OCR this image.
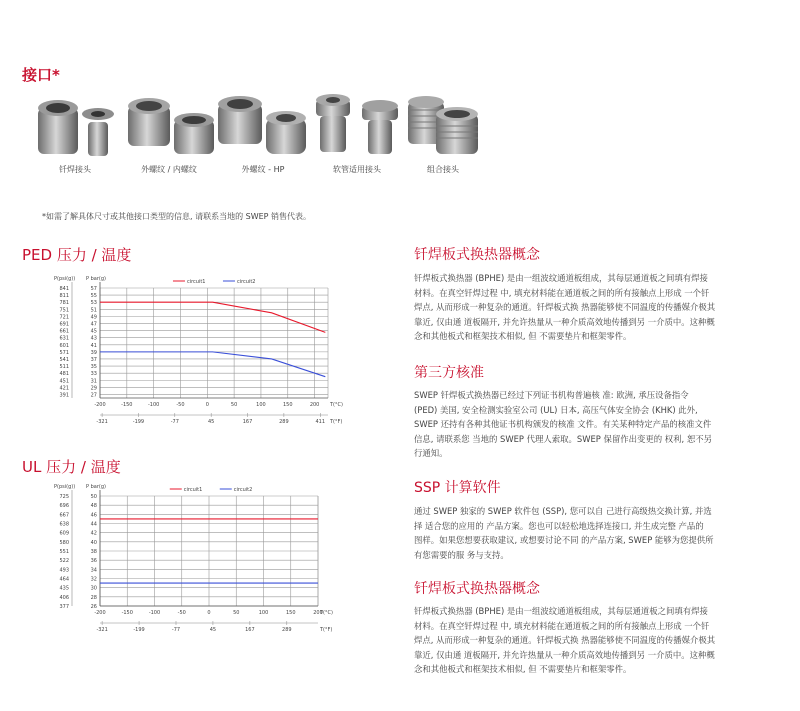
接口*
钎焊接头	外螺纹 / 内螺纹	外螺纹 - HP	软管适用接头	组合接头
*如需了解具体尺寸或其他接口类型的信息, 请联系当地的 SWEP 销售代表。
PED 压力 / 温度
27
29
31
33
35
37
39
41
43
45
47
49
51
53
55
57
391
421
451
481
511
541
571
601
631
661
691
721
751
781
811
841
P(psi(g)) P bar(g)
-200	-150	-100	-50	0	50	100	150	200 T(°C)
-321	-199	-77	45	167	289	411 T(°F)
circuit1	circuit2
UL 压力 / 温度
26
28
30
32
34
36
38
40
42
44
46
48
50
377
406
435
464
493
522
551
580
609
638
667
696
725
P(psi(g)) P bar(g)
-200	-150	-100	-50	0	50	100	150	200
T(°C)
-321	-199	-77	45	167	289	T(°F)
circuit1	circuit2
钎焊板式换热器概念
钎焊板式换热器 (BPHE) 是由一组波纹通道板组成，其每层通道板之间填有焊接
材料。在真空钎焊过程 中, 填充材料能在通道板之间的所有接触点上形成 一个钎
焊点, 从而形成一种复杂的通道。钎焊板式换 热器能够使不同温度的传播媒介极其
靠近, 仅由通 道板隔开, 并允许热量从一种介质高效地传播到另 一介质中。这种概
念和其他板式和框架技术相似, 但 不需要垫片和框架零件。
第三方核准
SWEP 钎焊板式换热器已经过下列证书机构普遍核 准: 欧洲, 承压设备指令
(PED) 美国, 安全检测实验室公司 (UL) 日本, 高压气体安全协会 (KHK) 此外,
SWEP 还持有各种其他证书机构颁发的核准 文件。有关某种特定产品的核准文件
信息, 请联系您 当地的 SWEP 代理人索取。SWEP 保留作出变更的 权利, 恕不另
行通知。
SSP 计算软件
通过 SWEP 独家的 SWEP 软件包 (SSP), 您可以自 己进行高级热交换计算, 并选
择 适合您的应用的 产品方案。您也可以轻松地选择连接口, 并生成完整 产品的
图样。如果您想要获取建议, 或想要讨论不同 的产品方案, SWEP 能够为您提供所
有您需要的服 务与支持。
钎焊板式换热器概念
钎焊板式换热器 (BPHE) 是由一组波纹通道板组成，其每层通道板之间填有焊接
材料。在真空钎焊过程 中, 填充材料能在通道板之间的所有接触点上形成 一个钎
焊点, 从而形成一种复杂的通道。钎焊板式换 热器能够使不同温度的传播媒介极其
靠近, 仅由通 道板隔开, 并允许热量从一种介质高效地传播到另 一介质中。这种概
念和其他板式和框架技术相似, 但 不需要垫片和框架零件。
